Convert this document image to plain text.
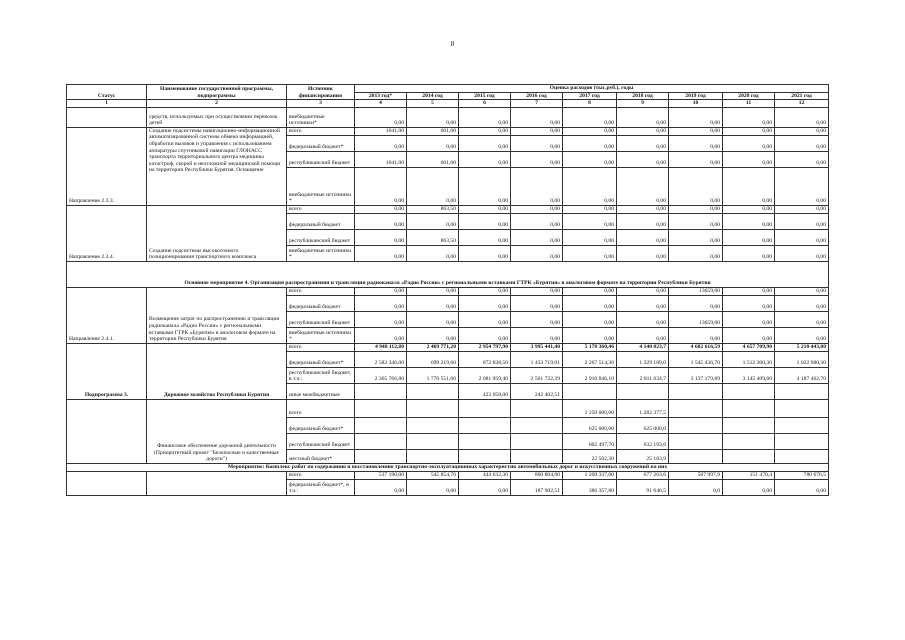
8
Статус	Наименование государственной программы, подпрограммы	Источник финансирования	Оценка расходов (тыс.руб.), годы								
			2013 год*	2014 год	2015 год	2016 год	2017 год	2018 год	2019 год	2020 год	2021 год
1	2	3	4	5	6	7	8	9	10	11	12
	средств, используемых при осуществлении перевозок детей	внебюджетные источники*	0,00	0,00	0,00	0,00	0,00	0,00	0,00	0,00	0,00
Направление 2.3.3.	Создание подсистемы навигационно-информационной автоматизированной системы обмена информацией, обработки вызовов и управления с использованием аппаратуры спутниковой навигации ГЛОНАСС транспорта территориального центра медицины катастроф, скорой и неотложной медицинской помощи на территории Республики Бурятия. Оснащение	всего	1041,00	601,00	0,00	0,00	0,00	0,00	0,00	0,00	0,00
		федеральный бюджет*	0,00	0,00	0,00	0,00	0,00	0,00	0,00	0,00	0,00
		республиканский бюджет	1041,00	601,00	0,00	0,00	0,00	0,00	0,00	0,00	0,00
		внебюджетные источники *	0,00	0,00	0,00	0,00	0,00	0,00	0,00	0,00	0,00
Направление 2.3.4.	Создание подсистемы высокоточного позиционирования транспортного комплекса	всего	0,00	863,50	0,00	0,00	0,00	0,00	0,00	0,00	0,00
		федеральный бюджет	0,00	0,00	0,00	0,00	0,00	0,00	0,00	0,00	0,00
		республиканский бюджет	0,00	863,50	0,00	0,00	0,00	0,00	0,00	0,00	0,00
		внебюджетные источники *	0,00	0,00	0,00	0,00	0,00	0,00	0,00	0,00	0,00
Основное мероприятие 4. Организация распространения и трансляции радиоканала «Радио России» с региональными вставками ГТРК «Бурятия» в аналоговом формате на территории Республики Бурятия											
Направление 2.4.1.	Возмещение затрат по распространению и трансляции радиоканала «Радио России» с региональными вставками ГТРК «Бурятия» в аналоговом формате на территории Республики Бурятия	всего	0,00	0,00	0,00	0,00	0,00	0,00	13659,00	0,00	0,00
		федеральный бюджет	0,00	0,00	0,00	0,00	0,00	0,00	0,00	0,00	0,00
		республиканский бюджет	0,00	0,00	0,00	0,00	0,00	0,00	13659,00	0,00	0,00
		внебюджетные источники *	0,00	0,00	0,00	0,00	0,00	0,00	0,00	0,00	0,00
Подпрограмма 3.	Дорожное хозяйство Республики Бурятия	всего	4 948 112,80	2 469 771,20	2 954 797,90	3 995 441,40	5 178 360,46	4 140 823,7	4 682 616,59	4 657 709,90	5 210 443,80
		федеральный бюджет*	2 582 346,00	699 219,60	872 838,50	1 433 719,01	2 267 514,36	1 329 189,0	1 545 436,70	1 512 300,30	1 022 980,30
		республиканский бюджет, в т.ч.:	2 365 766,80	1 770 551,60	2 081 959,40	2 561 722,39	2 910 846,10	2 811 634,7	3 137 179,89	3 145 409,60	4 187 462,70
		иные межбюджетные			423 058,00	242 402,51					
	Финансовое обеспечение дорожной деятельности (Приоритетный проект "Безопасные и качественные дороги")	всего					1 250 000,00	1 282 377,5			
		федеральный бюджет*					625 000,00	625 000,0			
		республиканский бюджет					602 497,70	632 193,6			
		местный бюджет*					22 502,30	25 183,9			
Мероприятие: Комплекс работ по содержанию и восстановлению транспортно-эксплуатационных характеристик автомобильных дорог и искусственных сооружений на них											
		всего	537 190,00	545 854,76	444 632,30	860 804,90	1 209 337,00	677 263,6	567 997,9	151 470,4	780 676,5
		федеральный бюджет*, в т.ч.:	0,00	0,00	0,00	187 902,51	386 357,80	91 646,5	0,0	0,00	0,00
